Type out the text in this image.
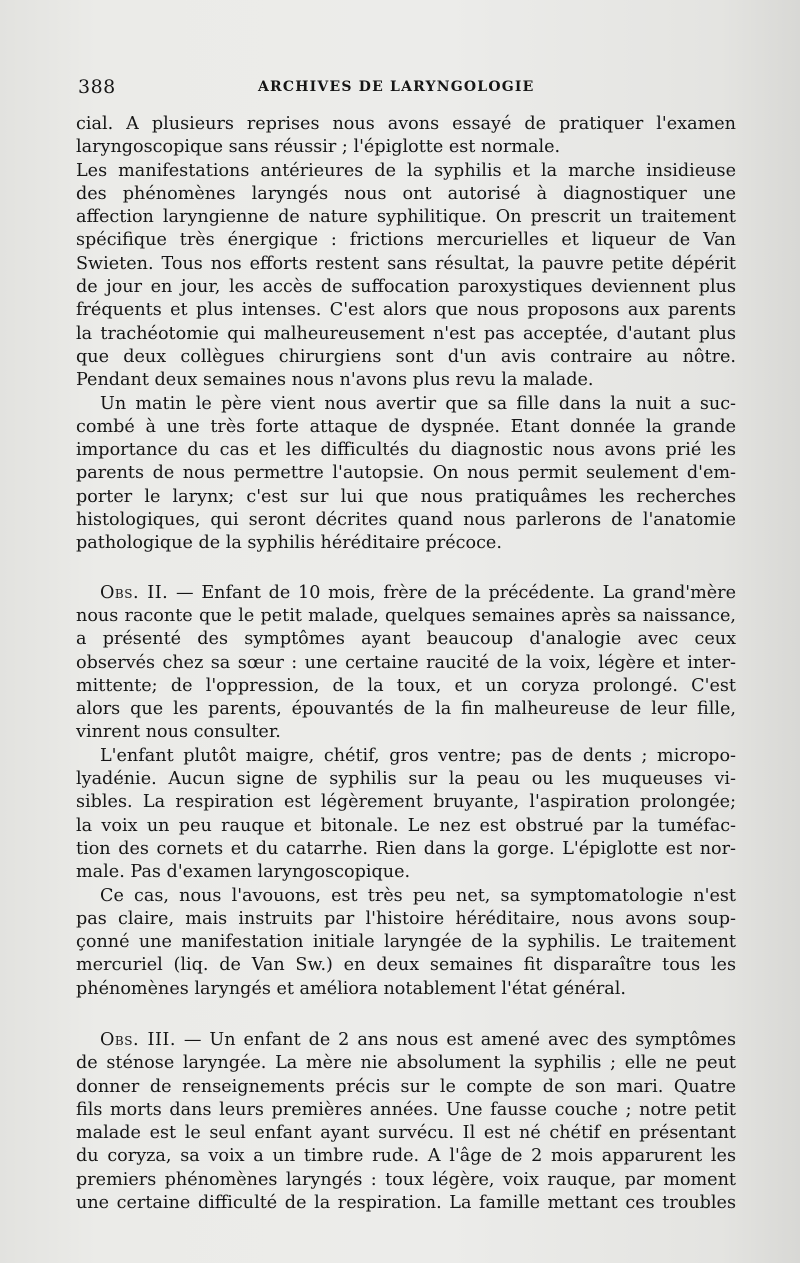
388	ARCHIVES DE LARYNGOLOGIE

cial. A plusieurs reprises nous avons essayé de pratiquer l'examen
laryngoscopique sans réussir ; l'épiglotte est normale.

Les manifestations antérieures de la syphilis et la marche insidieuse
des phénomènes laryngés nous ont autorisé à diagnostiquer une
affection laryngienne de nature syphilitique. On prescrit un traitement
spécifique très énergique : frictions mercurielles et liqueur de Van
Swieten. Tous nos efforts restent sans résultat, la pauvre petite dépérit
de jour en jour, les accès de suffocation paroxystiques deviennent plus
fréquents et plus intenses. C'est alors que nous proposons aux parents
la trachéotomie qui malheureusement n'est pas acceptée, d'autant plus
que deux collègues chirurgiens sont d'un avis contraire au nôtre.
Pendant deux semaines nous n'avons plus revu la malade.

Un matin le père vient nous avertir que sa fille dans la nuit a suc-
combé à une très forte attaque de dyspnée. Etant donnée la grande
importance du cas et les difficultés du diagnostic nous avons prié les
parents de nous permettre l'autopsie. On nous permit seulement d'em-
porter le larynx; c'est sur lui que nous pratiquâmes les recherches
histologiques, qui seront décrites quand nous parlerons de l'anatomie
pathologique de la syphilis héréditaire précoce.

Obs. II. — Enfant de 10 mois, frère de la précédente. La grand'mère
nous raconte que le petit malade, quelques semaines après sa naissance,
a présenté des symptômes ayant beaucoup d'analogie avec ceux
observés chez sa sœur : une certaine raucité de la voix, légère et inter-
mittente; de l'oppression, de la toux, et un coryza prolongé. C'est
alors que les parents, épouvantés de la fin malheureuse de leur fille,
vinrent nous consulter.

L'enfant plutôt maigre, chétif, gros ventre; pas de dents ; micropo-
lyadénie. Aucun signe de syphilis sur la peau ou les muqueuses vi-
sibles. La respiration est légèrement bruyante, l'aspiration prolongée;
la voix un peu rauque et bitonale. Le nez est obstrué par la tuméfac-
tion des cornets et du catarrhe. Rien dans la gorge. L'épiglotte est nor-
male. Pas d'examen laryngoscopique.

Ce cas, nous l'avouons, est très peu net, sa symptomatologie n'est
pas claire, mais instruits par l'histoire héréditaire, nous avons soup-
çonné une manifestation initiale laryngée de la syphilis. Le traitement
mercuriel (liq. de Van Sw.) en deux semaines fit disparaître tous les
phénomènes laryngés et améliora notablement l'état général.

Obs. III. — Un enfant de 2 ans nous est amené avec des symptômes
de sténose laryngée. La mère nie absolument la syphilis ; elle ne peut
donner de renseignements précis sur le compte de son mari. Quatre
fils morts dans leurs premières années. Une fausse couche ; notre petit
malade est le seul enfant ayant survécu. Il est né chétif en présentant
du coryza, sa voix a un timbre rude. A l'âge de 2 mois apparurent les
premiers phénomènes laryngés : toux légère, voix rauque, par moment
une certaine difficulté de la respiration. La famille mettant ces troubles
